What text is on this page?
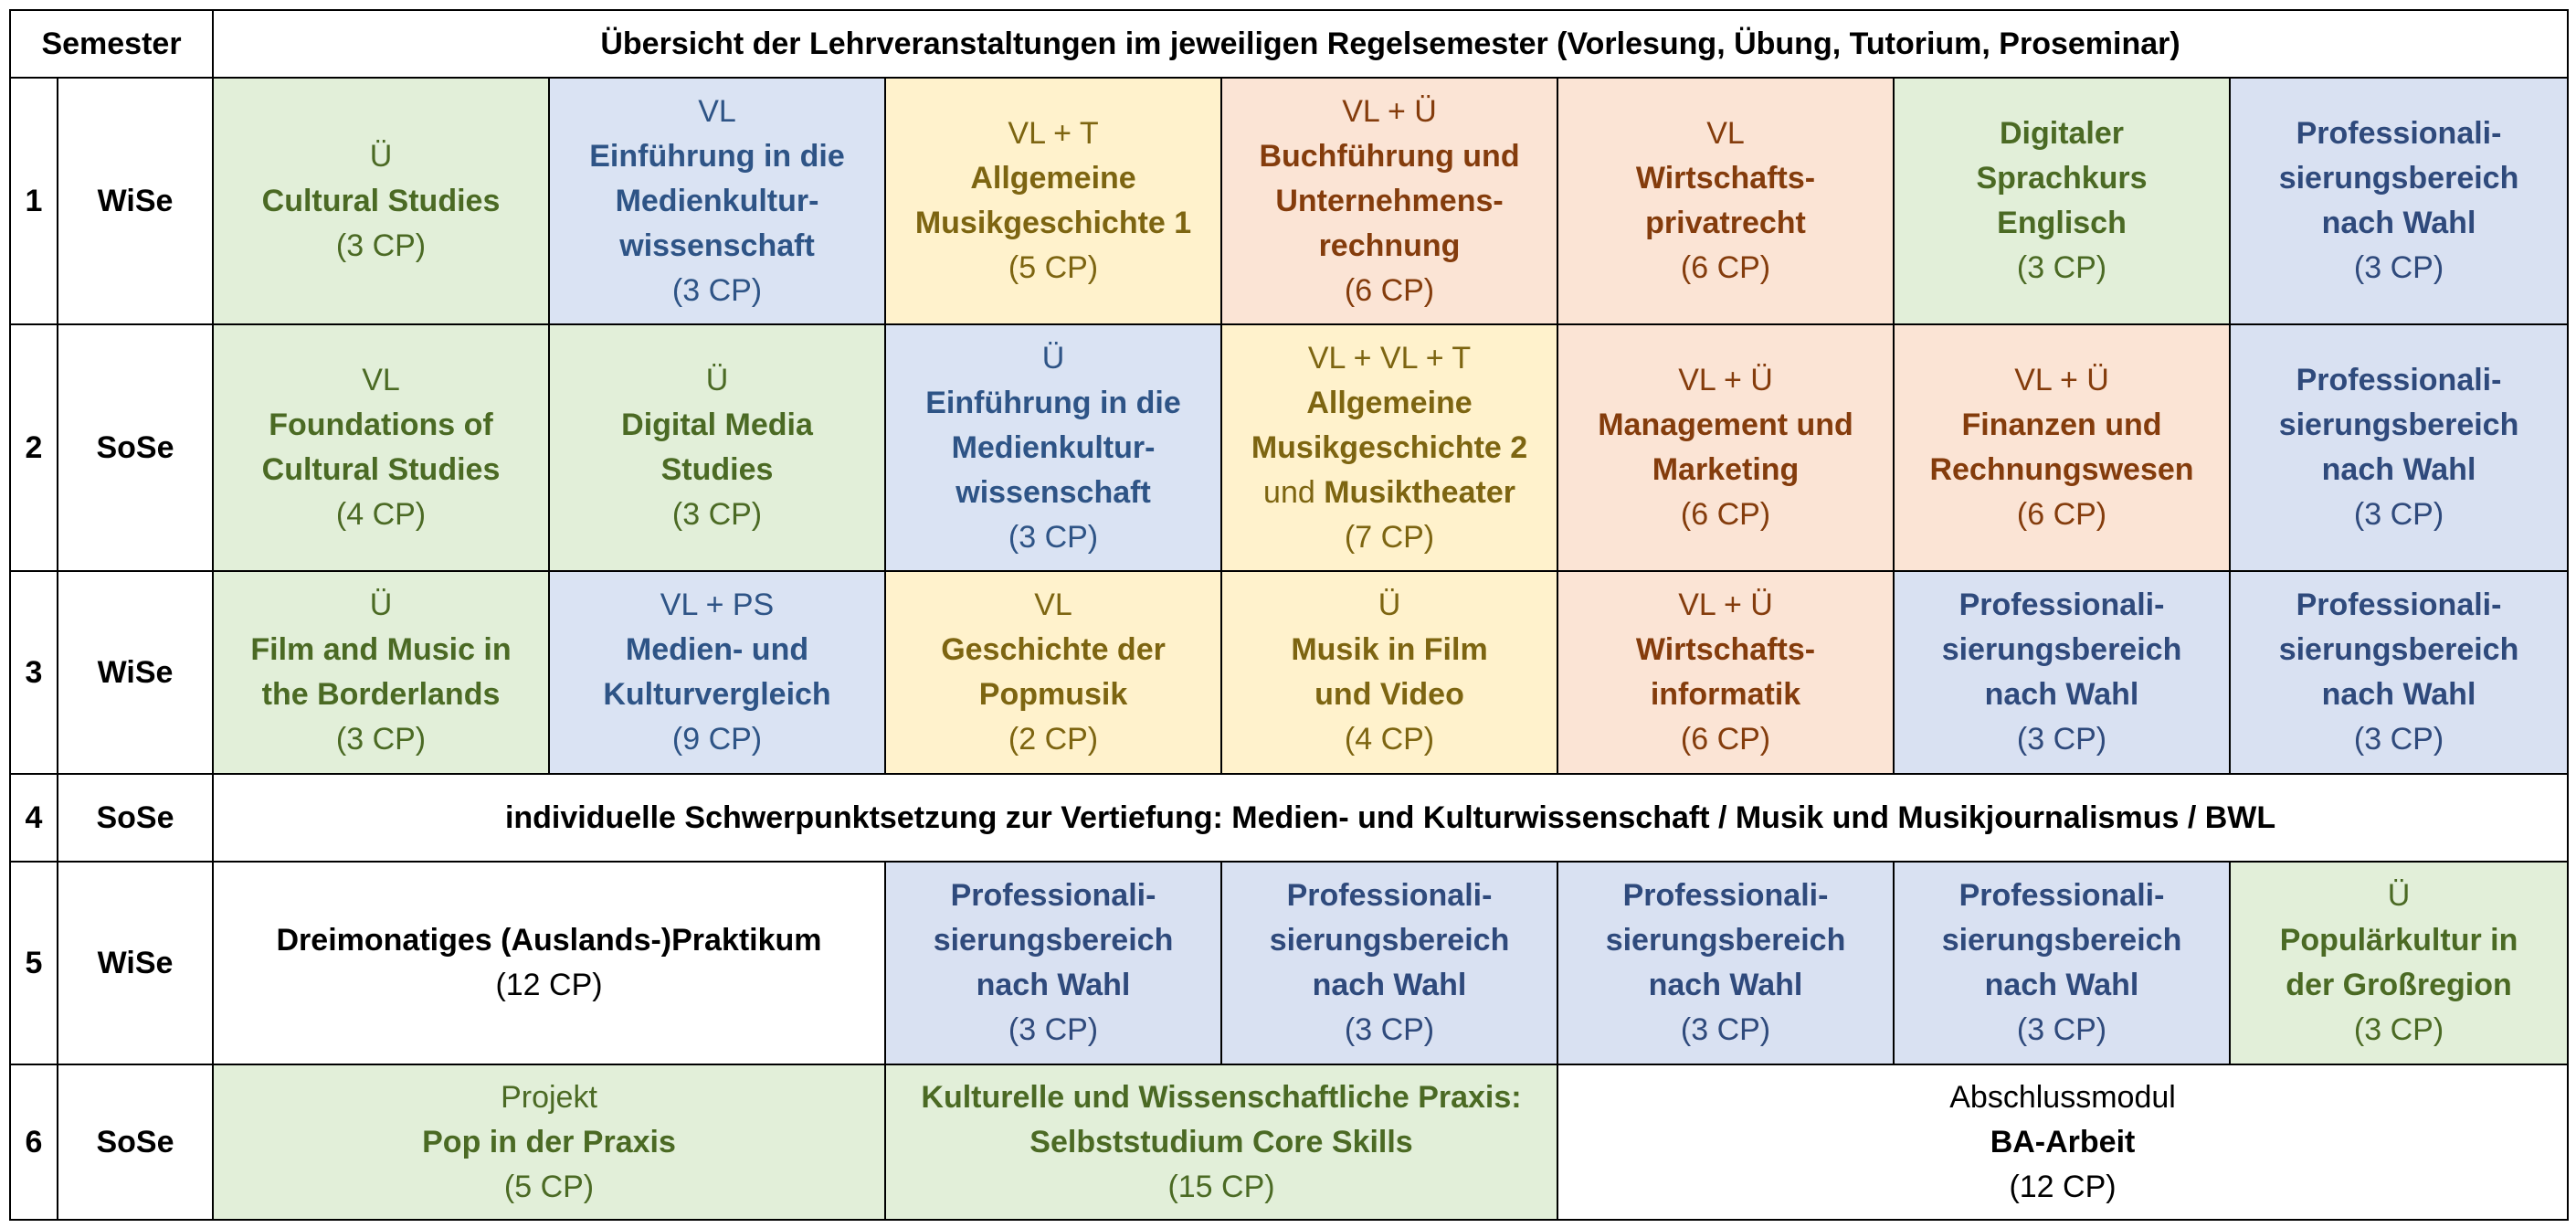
Semester		Übersicht der Lehrveranstaltungen im jeweiligen Regelsemester (Vorlesung, Übung, Tutorium, Proseminar)						
1	WiSe	Ü
Cultural Studies
(3 CP)	VL
Einführung in die
Medienkultur-
wissenschaft
(3 CP)	VL + T
Allgemeine
Musikgeschichte 1
(5 CP)	VL + Ü
Buchführung und
Unternehmens-
rechnung
(6 CP)	VL
Wirtschafts-
privatrecht
(6 CP)	Digitaler
Sprachkurs
Englisch
(3 CP)	Professionali-
sierungsbereich
nach Wahl
(3 CP)

2	SoSe	VL
Foundations of
Cultural Studies
(4 CP)	Ü
Digital Media
Studies
(3 CP)	Ü
Einführung in die
Medienkultur-
wissenschaft
(3 CP)	VL + VL + T
Allgemeine
Musikgeschichte 2
und Musiktheater
(7 CP)	VL + Ü
Management und
Marketing
(6 CP)	VL + Ü
Finanzen und
Rechnungswesen
(6 CP)	Professionali-
sierungsbereich
nach Wahl
(3 CP)

3	WiSe	Ü
Film and Music in
the Borderlands
(3 CP)	VL + PS
Medien- und
Kulturvergleich
(9 CP)	VL
Geschichte der
Popmusik
(2 CP)	Ü
Musik in Film
und Video
(4 CP)	VL + Ü
Wirtschafts-
informatik
(6 CP)	Professionali-
sierungsbereich
nach Wahl
(3 CP)	Professionali-
sierungsbereich
nach Wahl
(3 CP)

4	SoSe	individuelle Schwerpunktsetzung zur Vertiefung: Medien- und Kulturwissenschaft / Musik und Musikjournalismus / BWL						
5	WiSe	Dreimonatiges (Auslands-)Praktikum
(12 CP)		Professionali-
sierungsbereich
nach Wahl
(3 CP)	Professionali-
sierungsbereich
nach Wahl
(3 CP)	Professionali-
sierungsbereich
nach Wahl
(3 CP)	Professionali-
sierungsbereich
nach Wahl
(3 CP)	Ü
Populärkultur in
der Großregion
(3 CP)

6	SoSe	Projekt
Pop in der Praxis
(5 CP)		Kulturelle und Wissenschaftliche Praxis:
Selbststudium Core Skills
(15 CP)		Abschlussmodul
BA-Arbeit
(12 CP)		
